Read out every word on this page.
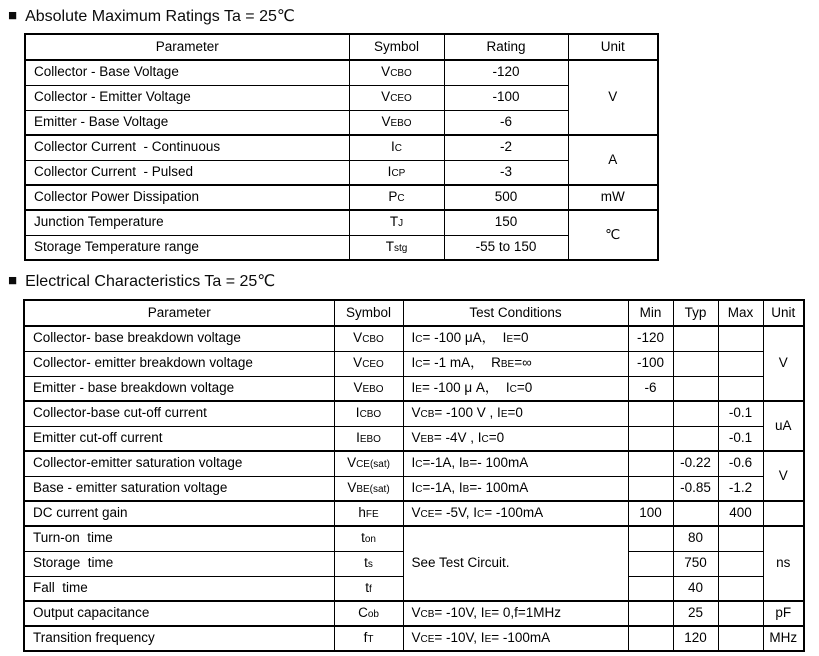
■ Absolute Maximum Ratings Ta = 25℃
Parameter	Symbol	Rating	Unit
Collector - Base Voltage	VCBO	-120	V
Collector - Emitter Voltage	VCEO	-100	
Emitter - Base Voltage	VEBO	-6	
Collector Current  - Continuous	IC	-2	A
Collector Current  - Pulsed	ICP	-3	
Collector Power Dissipation	PC	500	mW
Junction Temperature	TJ	150	℃
Storage Temperature range	Tstg	-55 to 150	
■ Electrical Characteristics Ta = 25℃
Parameter	Symbol	Test Conditions	Min	Typ	Max	Unit
Collector- base breakdown voltage	VCBO	IC= -100 μA，  IE=0	-120			V
Collector- emitter breakdown voltage	VCEO	IC= -1 mA，  RBE=∞	-100			
Emitter - base breakdown voltage	VEBO	IE= -100 μ A，  IC=0	-6			
Collector-base cut-off current	ICBO	VCB= -100 V , IE=0			-0.1	uA
Emitter cut-off current	IEBO	VEB= -4V , IC=0			-0.1	
Collector-emitter saturation voltage	VCE(sat)	IC=-1A, IB=- 100mA		-0.22	-0.6	V
Base - emitter saturation voltage	VBE(sat)	IC=-1A, IB=- 100mA		-0.85	-1.2	
DC current gain	hFE	VCE= -5V, IC= -100mA	100		400	
Turn-on  time	ton	See Test Circuit.		80		ns
Storage  time	ts			750		
Fall  time	tf			40		
Output capacitance	Cob	VCB= -10V, IE= 0,f=1MHz		25		pF
Transition frequency	fT	VCE= -10V, IE= -100mA		120		MHz
